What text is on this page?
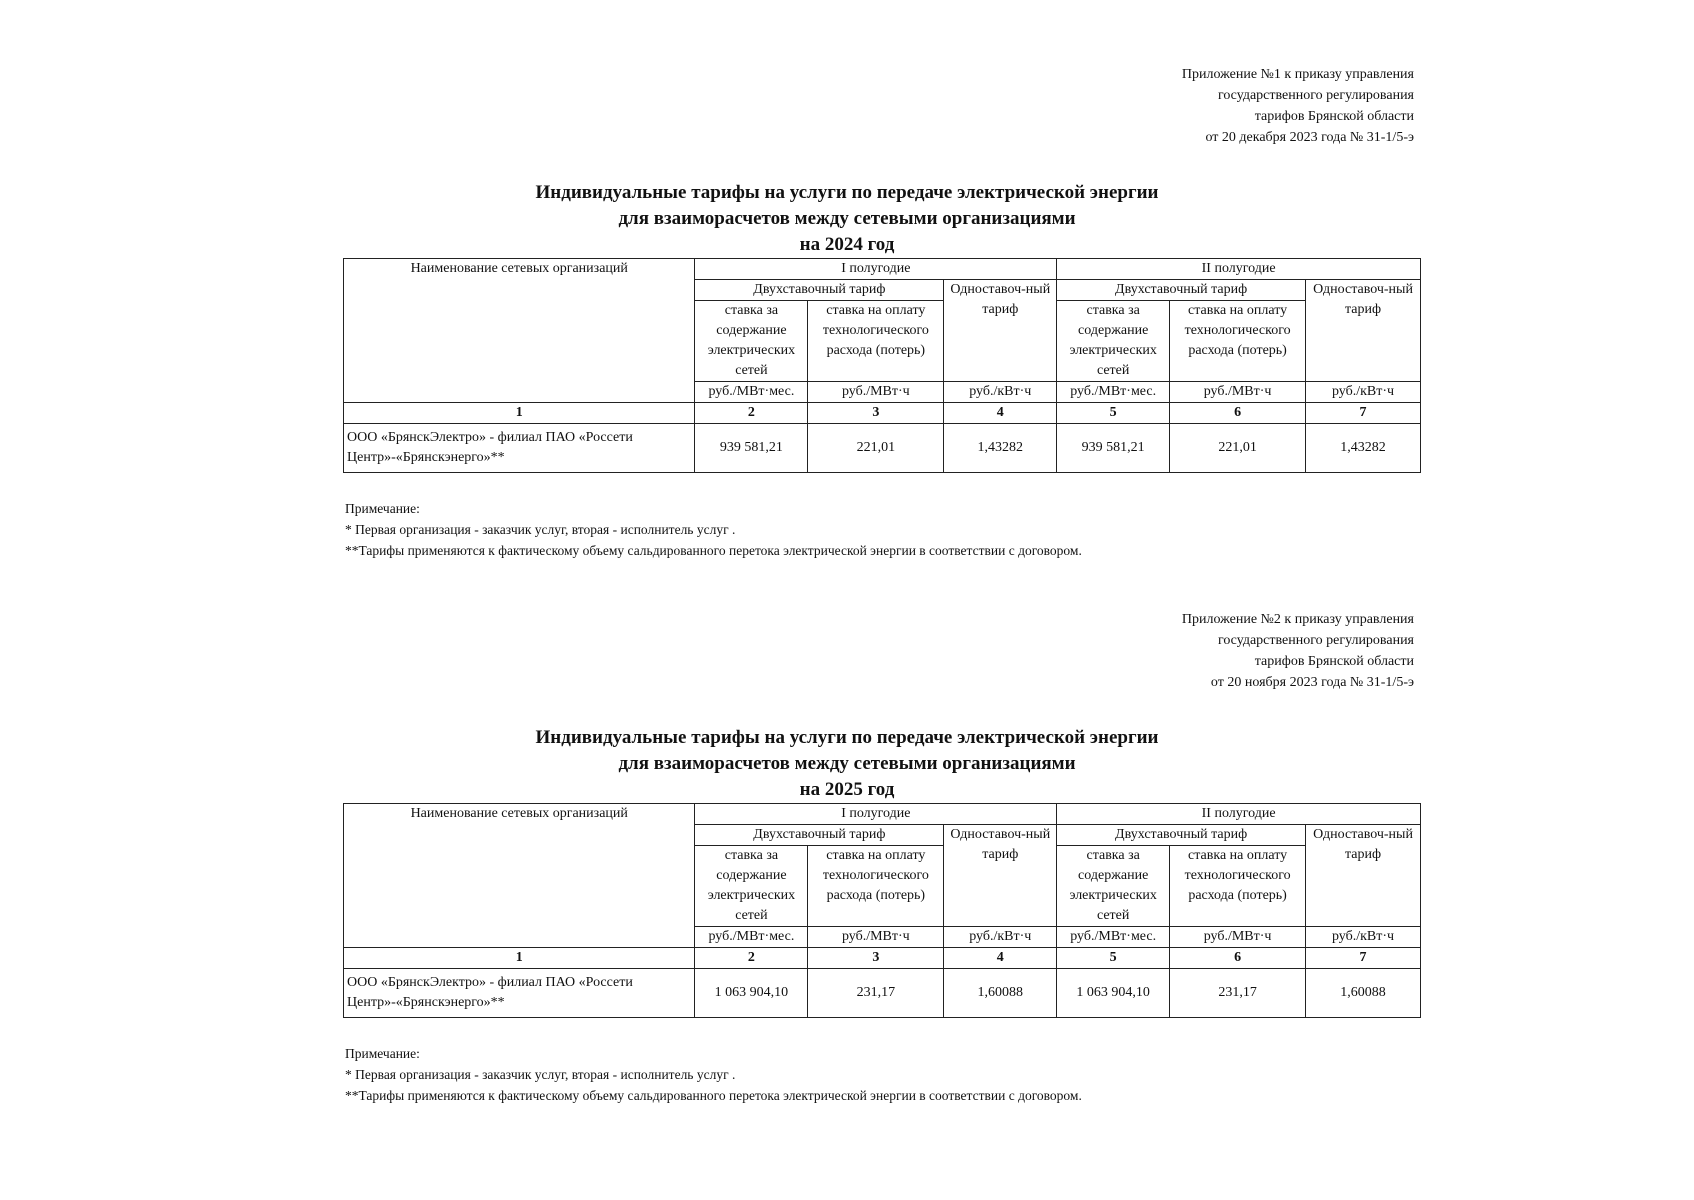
Приложение №1 к приказу управления
государственного регулирования
тарифов Брянской области
от 20 декабря 2023 года № 31-1/5-э
Индивидуальные тарифы на услуги по передаче электрической энергии
для взаиморасчетов между сетевыми организациями
на 2024 год
Наименование сетевых организаций	I полугодие			II полугодие		
	Двухставочный тариф		Одноставоч-ный тариф	Двухставочный тариф		Одноставоч-ный тариф
	ставка за содержание электрических сетей	ставка на оплату технологического расхода (потерь)		ставка за содержание электрических сетей	ставка на оплату технологического расхода (потерь)	
	руб./МВт·мес.	руб./МВт·ч	руб./кВт·ч	руб./МВт·мес.	руб./МВт·ч	руб./кВт·ч
1	2	3	4	5	6	7
ООО «БрянскЭлектро» - филиал ПАО «Россети Центр»-«Брянскэнерго»**	939 581,21	221,01	1,43282	939 581,21	221,01	1,43282
Примечание:
* Первая организация - заказчик услуг, вторая - исполнитель услуг .
**Тарифы применяются к фактическому объему сальдированного перетока электрической энергии в соответствии с договором.
Приложение №2 к приказу управления
государственного регулирования
тарифов Брянской области
от 20 ноября 2023 года № 31-1/5-э
Индивидуальные тарифы на услуги по передаче электрической энергии
для взаиморасчетов между сетевыми организациями
на 2025 год
Наименование сетевых организаций	I полугодие			II полугодие		
	Двухставочный тариф		Одноставоч-ный тариф	Двухставочный тариф		Одноставоч-ный тариф
	ставка за содержание электрических сетей	ставка на оплату технологического расхода (потерь)		ставка за содержание электрических сетей	ставка на оплату технологического расхода (потерь)	
	руб./МВт·мес.	руб./МВт·ч	руб./кВт·ч	руб./МВт·мес.	руб./МВт·ч	руб./кВт·ч
1	2	3	4	5	6	7
ООО «БрянскЭлектро» - филиал ПАО «Россети Центр»-«Брянскэнерго»**	1 063 904,10	231,17	1,60088	1 063 904,10	231,17	1,60088
Примечание:
* Первая организация - заказчик услуг, вторая - исполнитель услуг .
**Тарифы применяются к фактическому объему сальдированного перетока электрической энергии в соответствии с договором.
